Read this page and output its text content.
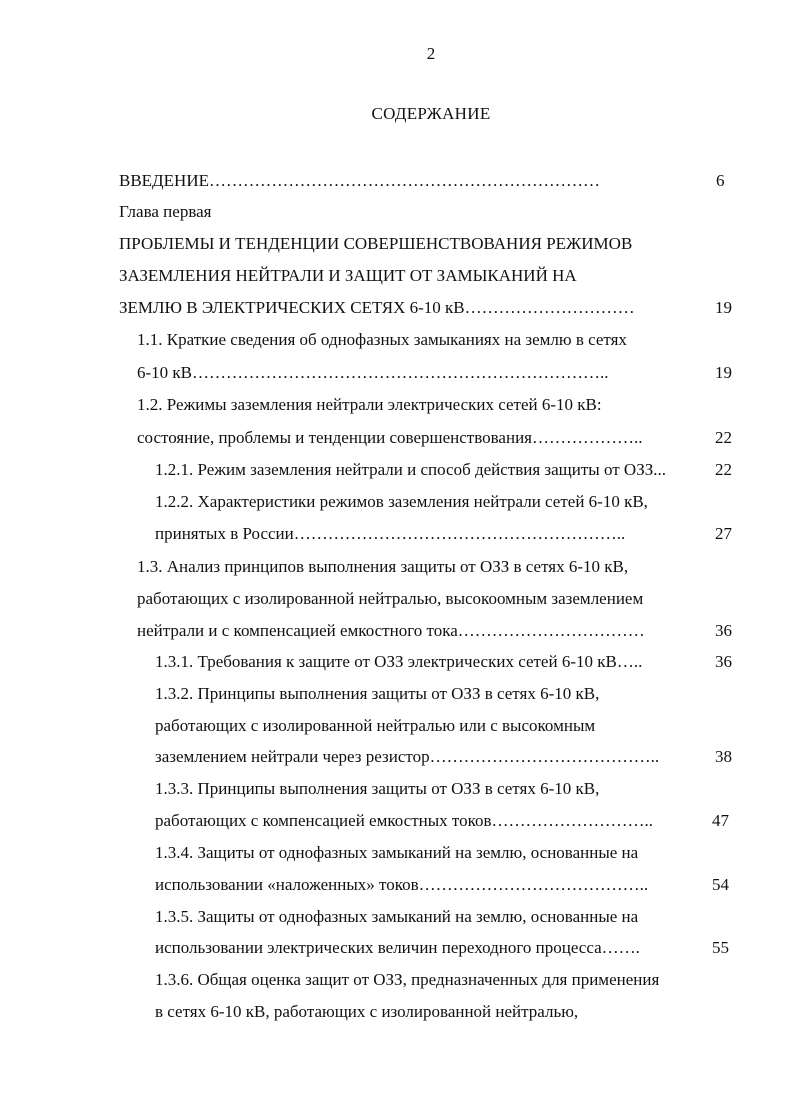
2
СОДЕРЖАНИЕ
ВВЕДЕНИЕ……………………………………………………………	6
Глава первая
ПРОБЛЕМЫ И ТЕНДЕНЦИИ СОВЕРШЕНСТВОВАНИЯ РЕЖИМОВ
ЗАЗЕМЛЕНИЯ НЕЙТРАЛИ И ЗАЩИТ ОТ ЗАМЫКАНИЙ НА
ЗЕМЛЮ В ЭЛЕКТРИЧЕСКИХ СЕТЯХ 6-10 кВ…………………………	19
1.1. Краткие сведения об однофазных замыканиях на землю в сетях
6-10 кВ………………………………………………………………..	19
1.2. Режимы заземления нейтрали электрических сетей 6-10 кВ:
состояние, проблемы и тенденции совершенствования………………..	22
1.2.1. Режим заземления нейтрали и способ действия защиты от ОЗЗ...	22
1.2.2. Характеристики режимов заземления нейтрали сетей 6-10 кВ,
принятых в России…………………………………………………..	27
1.3. Анализ принципов выполнения защиты от ОЗЗ в сетях 6-10 кВ,
работающих с изолированной нейтралью, высокоомным заземлением
нейтрали и с компенсацией емкостного тока……………………………	36
1.3.1. Требования к защите от ОЗЗ электрических сетей 6-10 кВ…..	36
1.3.2. Принципы выполнения защиты от ОЗЗ в сетях 6-10 кВ,
работающих с изолированной нейтралью или с высокомным
заземлением нейтрали через резистор…………………………………..	38
1.3.3. Принципы выполнения защиты от ОЗЗ в сетях 6-10 кВ,
работающих с компенсацией емкостных токов………………………..	47
1.3.4. Защиты от однофазных замыканий на землю, основанные на
использовании «наложенных» токов…………………………………..	54
1.3.5. Защиты от однофазных замыканий на землю, основанные на
использовании электрических величин переходного процесса…….	55
1.3.6. Общая оценка защит от ОЗЗ, предназначенных для применения
в сетях 6-10 кВ, работающих с изолированной нейтралью,
